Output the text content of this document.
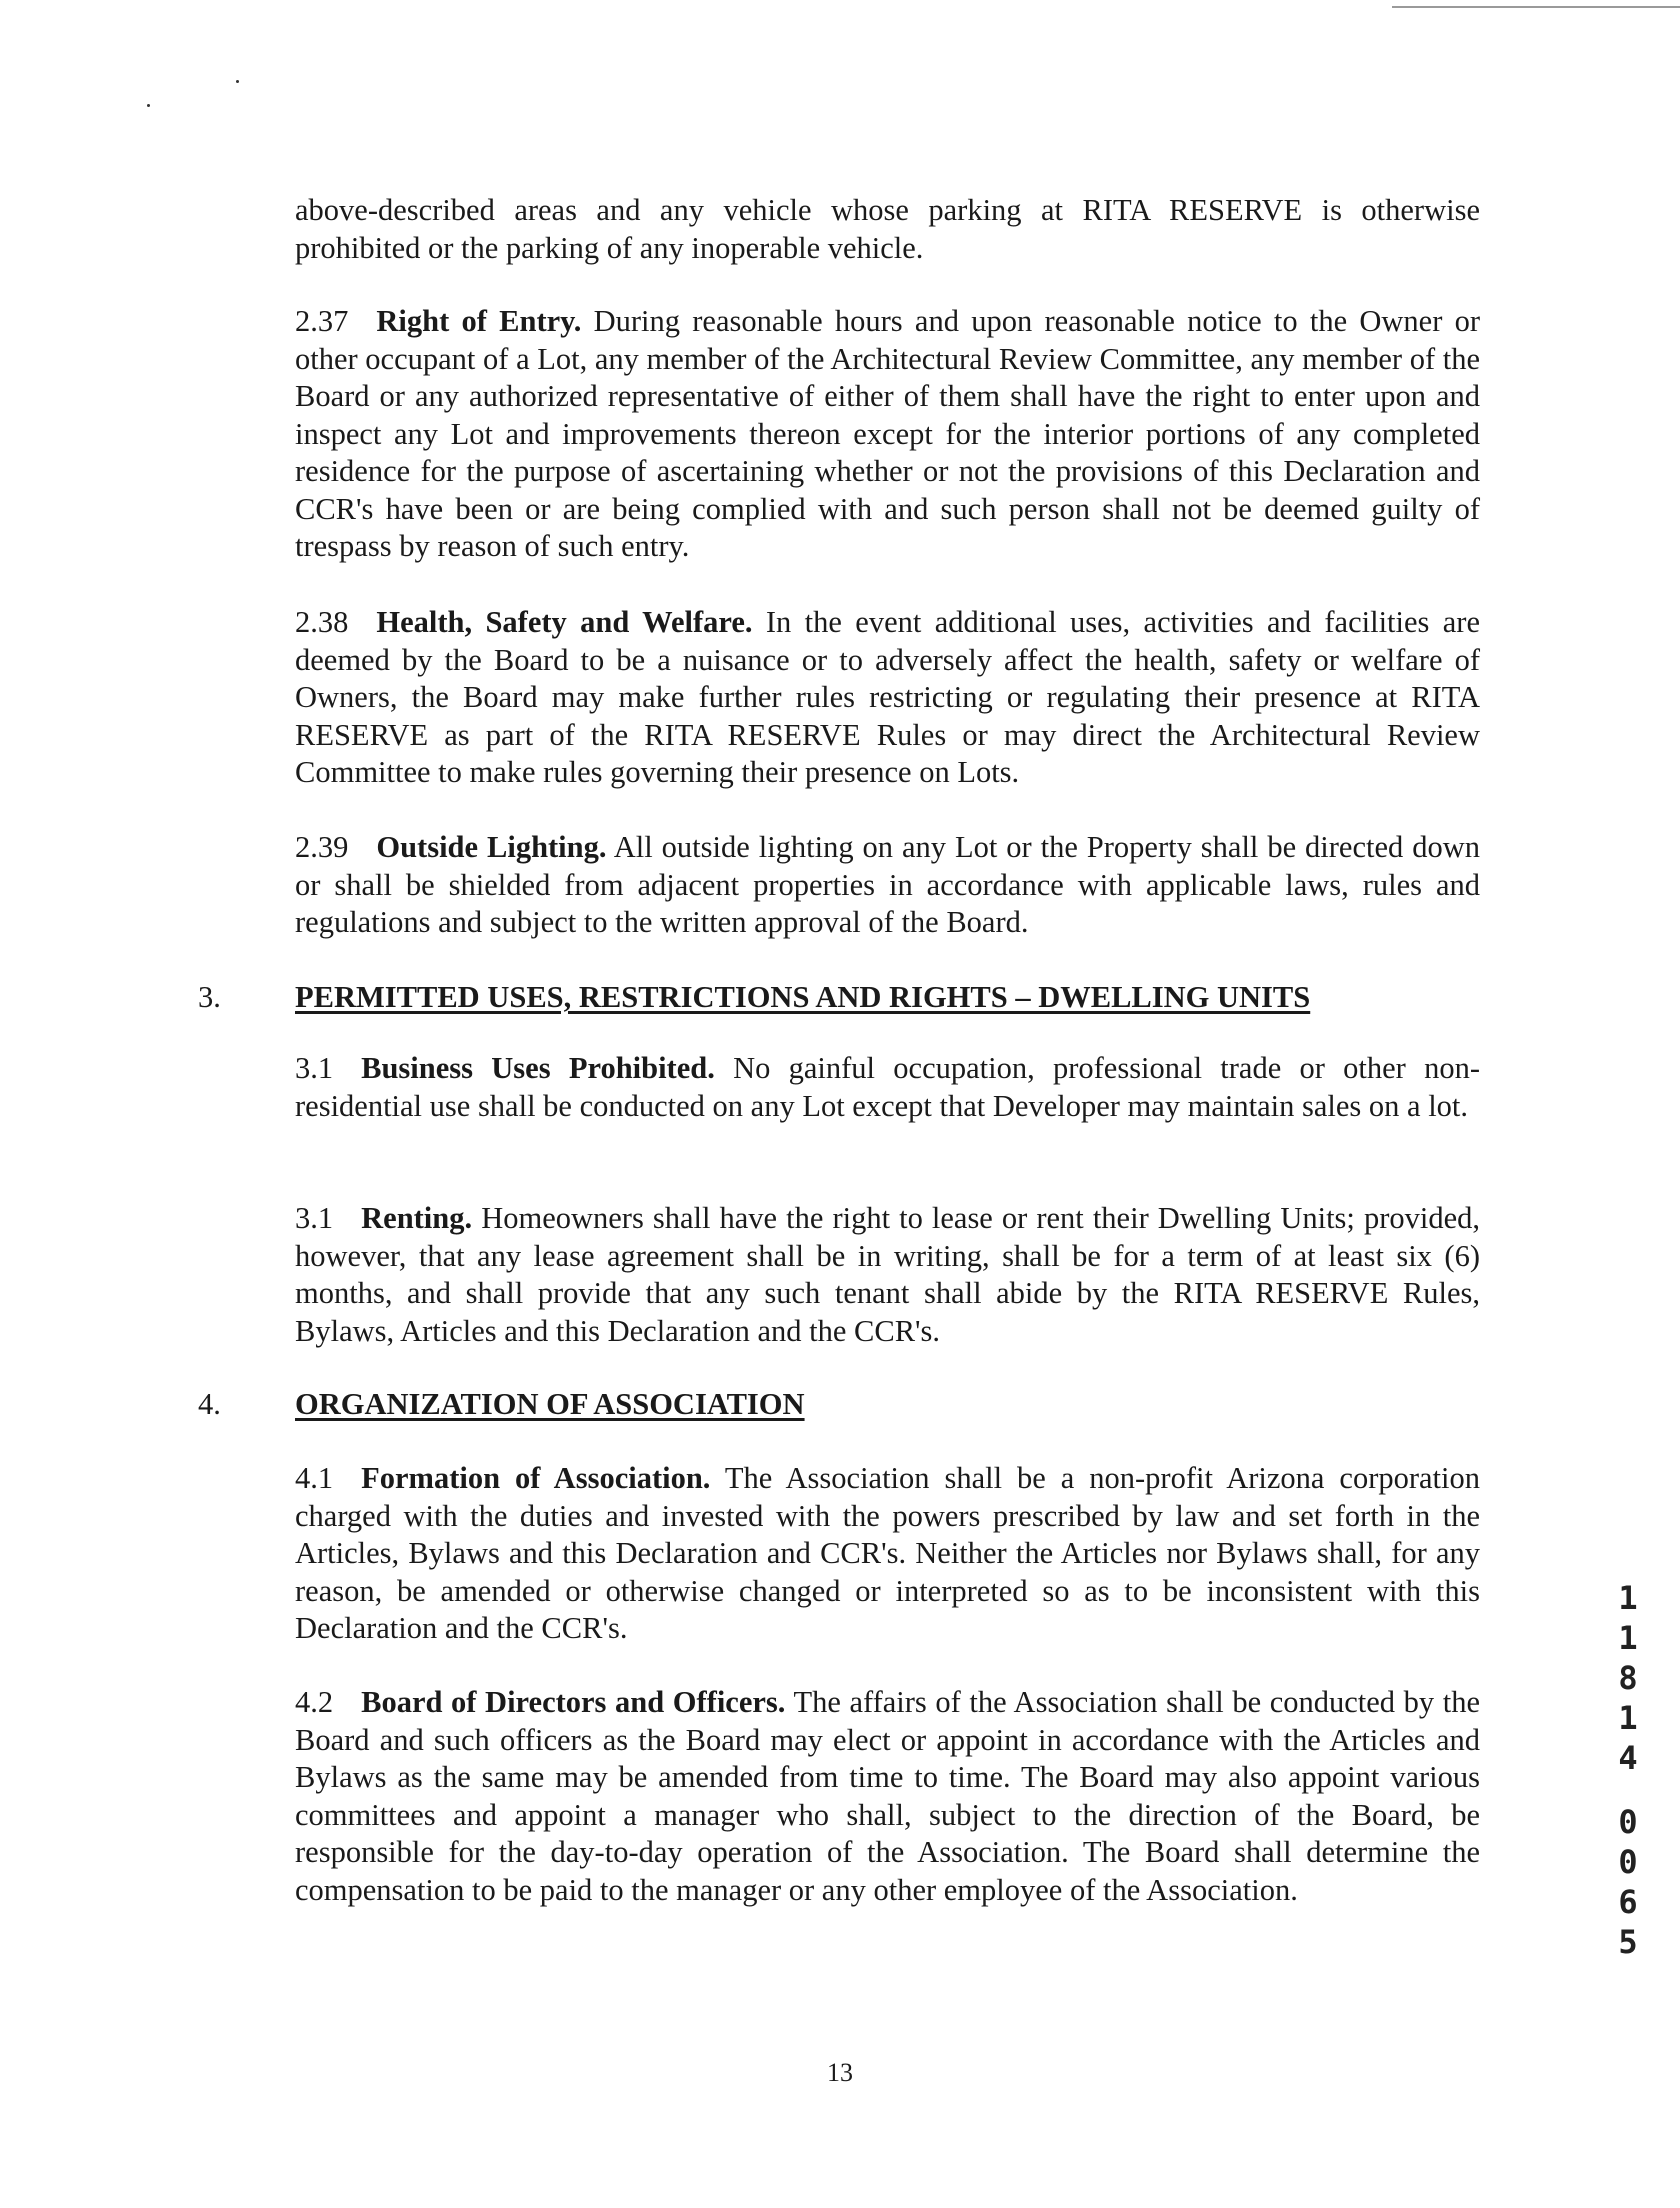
above-described areas and any vehicle whose parking at RITA RESERVE is otherwise prohibited or the parking of any inoperable vehicle.

2.37 Right of Entry. During reasonable hours and upon reasonable notice to the Owner or other occupant of a Lot, any member of the Architectural Review Committee, any member of the Board or any authorized representative of either of them shall have the right to enter upon and inspect any Lot and improvements thereon except for the interior portions of any completed residence for the purpose of ascertaining whether or not the provisions of this Declaration and CCR's have been or are being complied with and such person shall not be deemed guilty of trespass by reason of such entry.

2.38 Health, Safety and Welfare. In the event additional uses, activities and facilities are deemed by the Board to be a nuisance or to adversely affect the health, safety or welfare of Owners, the Board may make further rules restricting or regulating their presence at RITA RESERVE as part of the RITA RESERVE Rules or may direct the Architectural Review Committee to make rules governing their presence on Lots.

2.39 Outside Lighting. All outside lighting on any Lot or the Property shall be directed down or shall be shielded from adjacent properties in accordance with applicable laws, rules and regulations and subject to the written approval of the Board.

3. PERMITTED USES, RESTRICTIONS AND RIGHTS – DWELLING UNITS

3.1 Business Uses Prohibited. No gainful occupation, professional trade or other non-residential use shall be conducted on any Lot except that Developer may maintain sales on a lot.

3.1 Renting. Homeowners shall have the right to lease or rent their Dwelling Units; provided, however, that any lease agreement shall be in writing, shall be for a term of at least six (6) months, and shall provide that any such tenant shall abide by the RITA RESERVE Rules, Bylaws, Articles and this Declaration and the CCR's.

4. ORGANIZATION OF ASSOCIATION

4.1 Formation of Association. The Association shall be a non-profit Arizona corporation charged with the duties and invested with the powers prescribed by law and set forth in the Articles, Bylaws and this Declaration and CCR's. Neither the Articles nor Bylaws shall, for any reason, be amended or otherwise changed or interpreted so as to be inconsistent with this Declaration and the CCR's.

4.2 Board of Directors and Officers. The affairs of the Association shall be conducted by the Board and such officers as the Board may elect or appoint in accordance with the Articles and Bylaws as the same may be amended from time to time. The Board may also appoint various committees and appoint a manager who shall, subject to the direction of the Board, be responsible for the day-to-day operation of the Association. The Board shall determine the compensation to be paid to the manager or any other employee of the Association.

1
1
8
1
4
0
0
6
5
13
